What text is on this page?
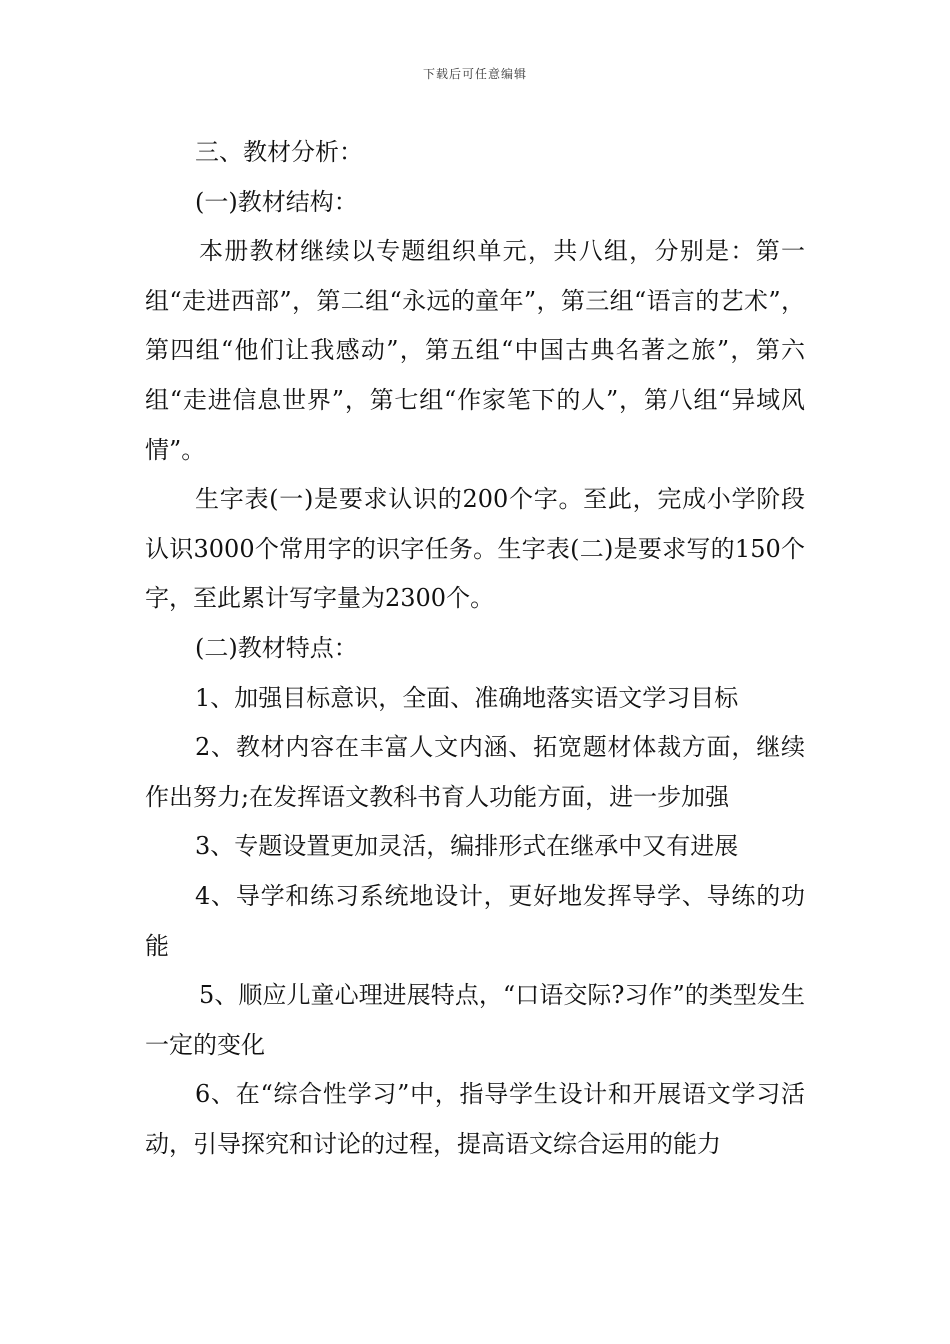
下载后可任意编辑

三、教材分析：

(一)教材结构：

本册教材继续以专题组织单元，共八组，分别是：第一组“走进西部”，第二组“永远的童年”，第三组“语言的艺术”，第四组“他们让我感动”，第五组“中国古典名著之旅”，第六组“走进信息世界”，第七组“作家笔下的人”，第八组“异域风情”。

生字表(一)是要求认识的200个字。至此，完成小学阶段认识3000个常用字的识字任务。生字表(二)是要求写的150个字，至此累计写字量为2300个。

(二)教材特点：

1、加强目标意识，全面、准确地落实语文学习目标

2、教材内容在丰富人文内涵、拓宽题材体裁方面，继续作出努力;在发挥语文教科书育人功能方面，进一步加强

3、专题设置更加灵活，编排形式在继承中又有进展

4、导学和练习系统地设计，更好地发挥导学、导练的功能

5、顺应儿童心理进展特点，“口语交际?习作”的类型发生一定的变化

6、在“综合性学习”中，指导学生设计和开展语文学习活动，引导探究和讨论的过程，提高语文综合运用的能力
